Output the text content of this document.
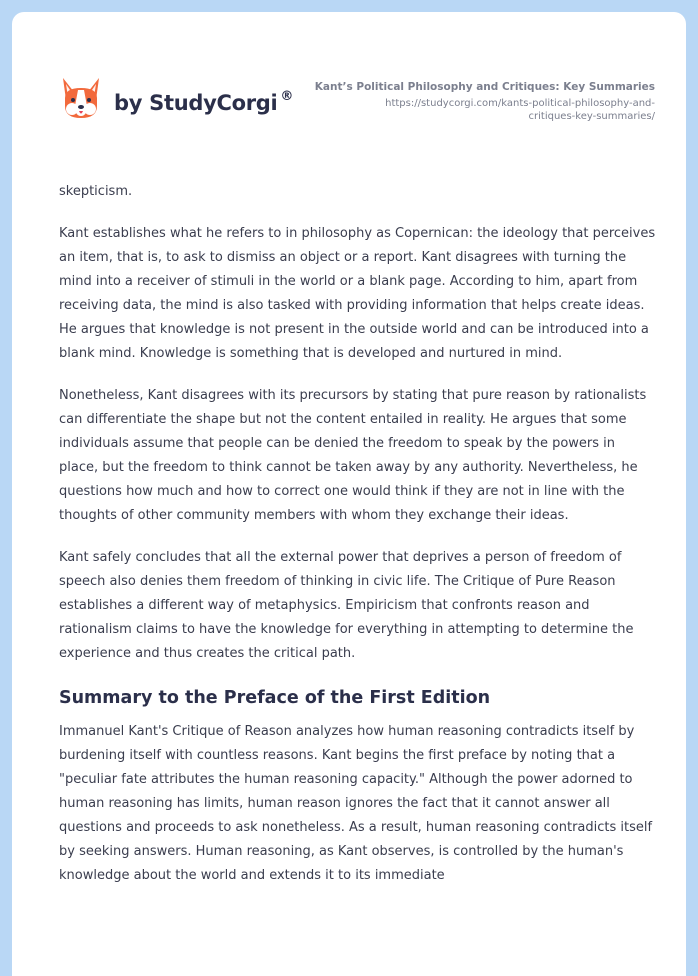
by StudyCorgi ®
Kant’s Political Philosophy and Critiques: Key Summaries
https://studycorgi.com/kants-political-philosophy-and-
critiques-key-summaries/

skepticism.

Kant establishes what he refers to in philosophy as Copernican: the ideology that perceives an item, that is, to ask to dismiss an object or a report. Kant disagrees with turning the mind into a receiver of stimuli in the world or a blank page. According to him, apart from receiving data, the mind is also tasked with providing information that helps create ideas. He argues that knowledge is not present in the outside world and can be introduced into a blank mind. Knowledge is something that is developed and nurtured in mind.

Nonetheless, Kant disagrees with its precursors by stating that pure reason by rationalists can differentiate the shape but not the content entailed in reality. He argues that some individuals assume that people can be denied the freedom to speak by the powers in place, but the freedom to think cannot be taken away by any authority. Nevertheless, he questions how much and how to correct one would think if they are not in line with the thoughts of other community members with whom they exchange their ideas.

Kant safely concludes that all the external power that deprives a person of freedom of speech also denies them freedom of thinking in civic life. The Critique of Pure Reason establishes a different way of metaphysics. Empiricism that confronts reason and rationalism claims to have the knowledge for everything in attempting to determine the experience and thus creates the critical path.

Summary to the Preface of the First Edition

Immanuel Kant's Critique of Reason analyzes how human reasoning contradicts itself by burdening itself with countless reasons. Kant begins the first preface by noting that a "peculiar fate attributes the human reasoning capacity." Although the power adorned to human reasoning has limits, human reason ignores the fact that it cannot answer all questions and proceeds to ask nonetheless. As a result, human reasoning contradicts itself by seeking answers. Human reasoning, as Kant observes, is controlled by the human's knowledge about the world and extends it to its immediate
